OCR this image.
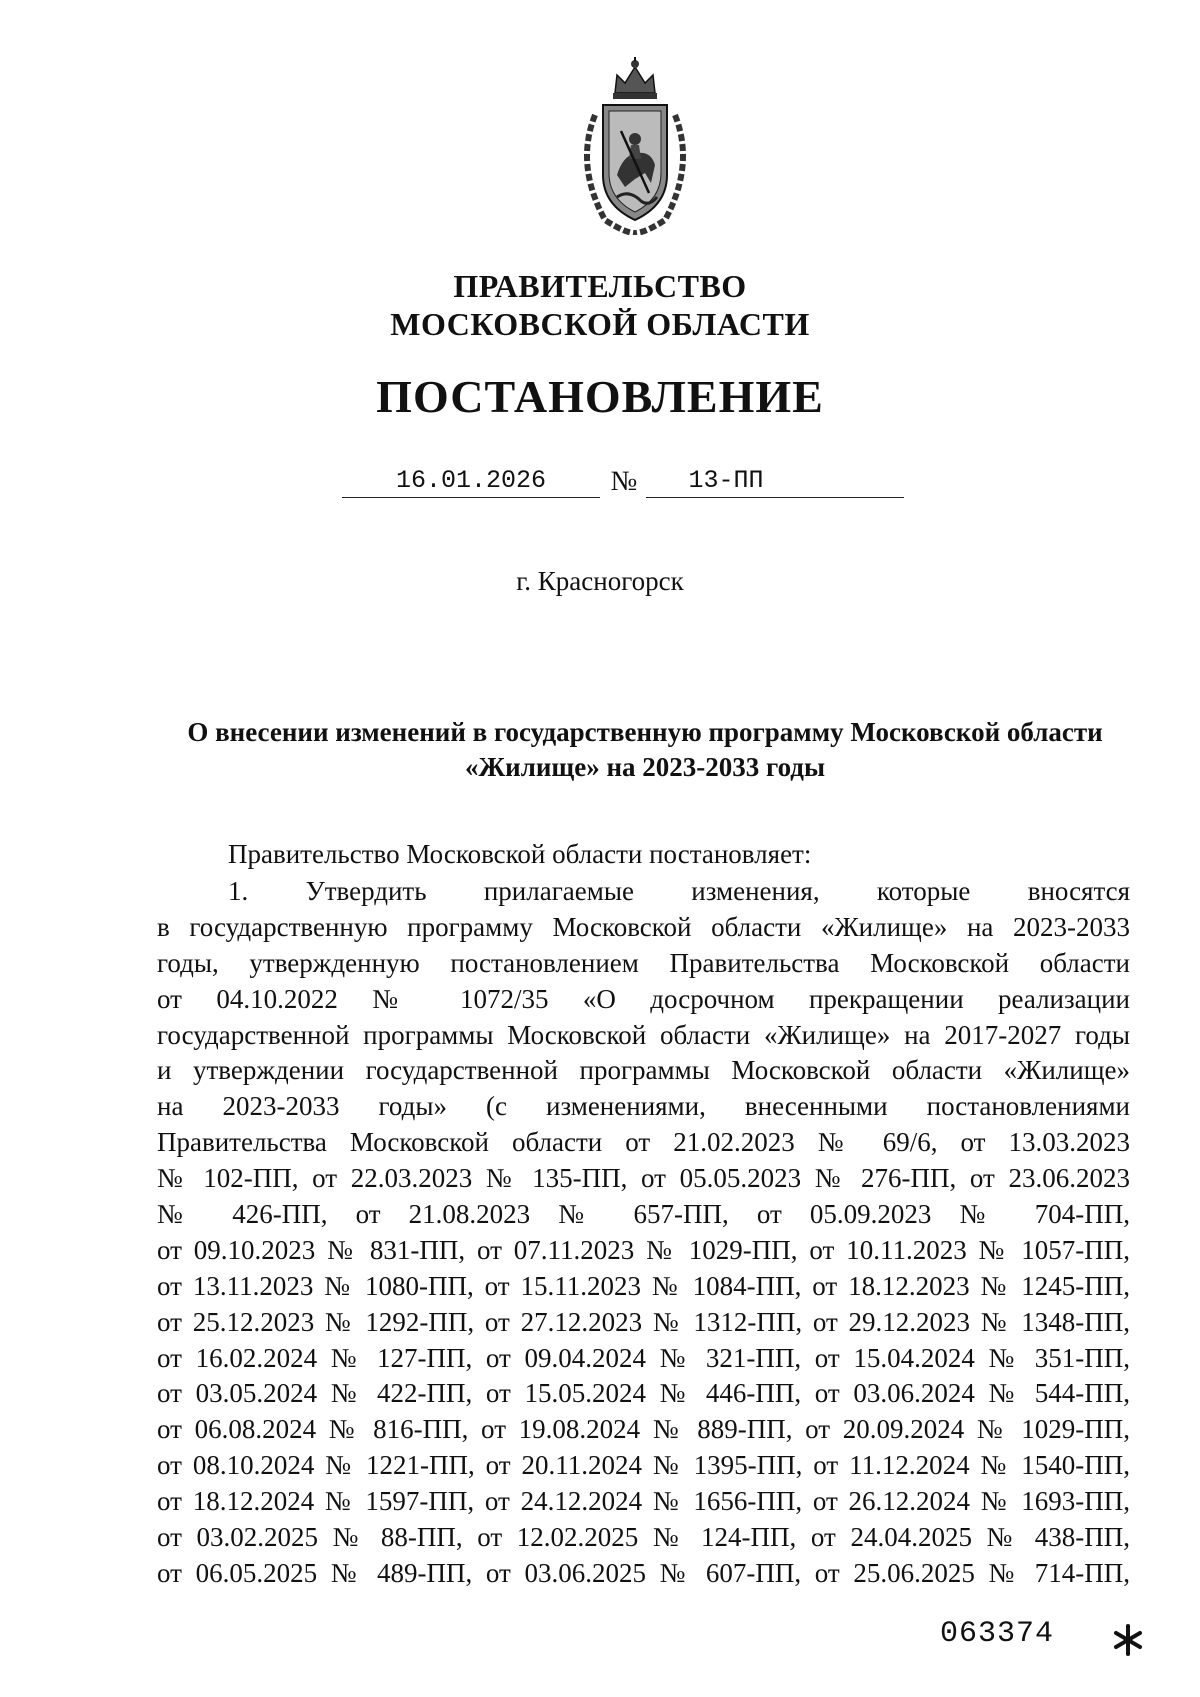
ПРАВИТЕЛЬСТВО
МОСКОВСКОЙ ОБЛАСТИ
ПОСТАНОВЛЕНИЕ
16.01.2026	№	13-ПП
г. Красногорск
О внесении изменений в государственную программу Московской области
«Жилище» на 2023-2033 годы
Правительство Московской области постановляет:
1. Утвердить прилагаемые изменения, которые вносятся
в государственную программу Московской области «Жилище» на 2023-2033
годы, утвержденную постановлением Правительства Московской области
от 04.10.2022 № 1072/35 «О досрочном прекращении реализации
государственной программы Московской области «Жилище» на 2017-2027 годы
и утверждении государственной программы Московской области «Жилище»
на 2023-2033 годы» (с изменениями, внесенными постановлениями
Правительства Московской области от 21.02.2023 № 69/6, от 13.03.2023
№ 102-ПП, от 22.03.2023 № 135-ПП, от 05.05.2023 № 276-ПП, от 23.06.2023
№ 426-ПП, от 21.08.2023 № 657-ПП, от 05.09.2023 № 704-ПП,
от 09.10.2023 № 831-ПП, от 07.11.2023 № 1029-ПП, от 10.11.2023 № 1057-ПП,
от 13.11.2023 № 1080-ПП, от 15.11.2023 № 1084-ПП, от 18.12.2023 № 1245-ПП,
от 25.12.2023 № 1292-ПП, от 27.12.2023 № 1312-ПП, от 29.12.2023 № 1348-ПП,
от 16.02.2024 № 127-ПП, от 09.04.2024 № 321-ПП, от 15.04.2024 № 351-ПП,
от 03.05.2024 № 422-ПП, от 15.05.2024 № 446-ПП, от 03.06.2024 № 544-ПП,
от 06.08.2024 № 816-ПП, от 19.08.2024 № 889-ПП, от 20.09.2024 № 1029-ПП,
от 08.10.2024 № 1221-ПП, от 20.11.2024 № 1395-ПП, от 11.12.2024 № 1540-ПП,
от 18.12.2024 № 1597-ПП, от 24.12.2024 № 1656-ПП, от 26.12.2024 № 1693-ПП,
от 03.02.2025 № 88-ПП, от 12.02.2025 № 124-ПП, от 24.04.2025 № 438-ПП,
от 06.05.2025 № 489-ПП, от 03.06.2025 № 607-ПП, от 25.06.2025 № 714-ПП,
063374
